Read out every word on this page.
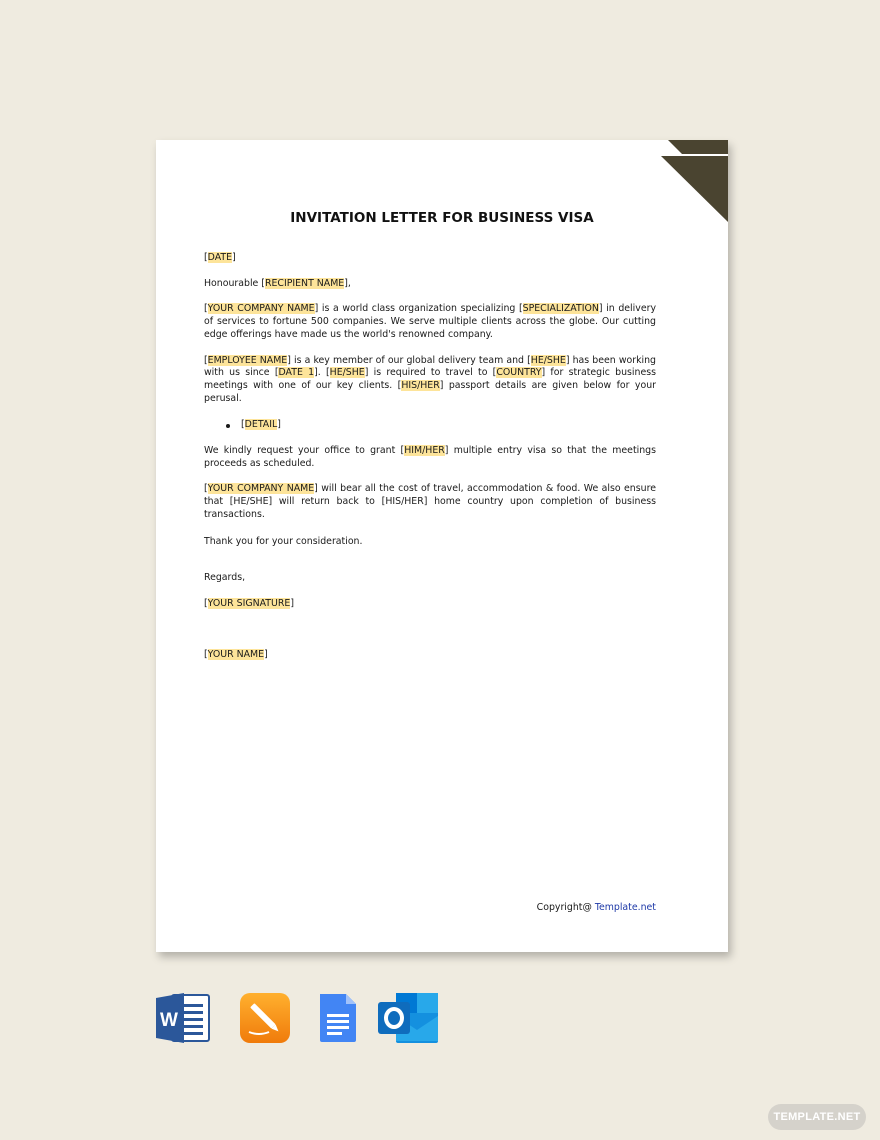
INVITATION LETTER FOR BUSINESS VISA

[DATE]

Honourable [RECIPIENT NAME],

[YOUR COMPANY NAME] is a world class organization specializing [SPECIALIZATION] in delivery of services to fortune 500 companies. We serve multiple clients across the globe. Our cutting edge offerings have made us the world's renowned company.

[EMPLOYEE NAME] is a key member of our global delivery team and [HE/SHE] has been working with us since [DATE 1]. [HE/SHE] is required to travel to [COUNTRY] for strategic business meetings with one of our key clients. [HIS/HER] passport details are given below for your perusal.

[DETAIL]

We kindly request your office to grant [HIM/HER] multiple entry visa so that the meetings proceeds as scheduled.

[YOUR COMPANY NAME] will bear all the cost of travel, accommodation & food. We also ensure that [HE/SHE] will return back to [HIS/HER] home country upon completion of business transactions.

Thank you for your consideration.

Regards,

[YOUR SIGNATURE]

[YOUR NAME]

Copyright@ Template.net
W
TEMPLATE.NET
